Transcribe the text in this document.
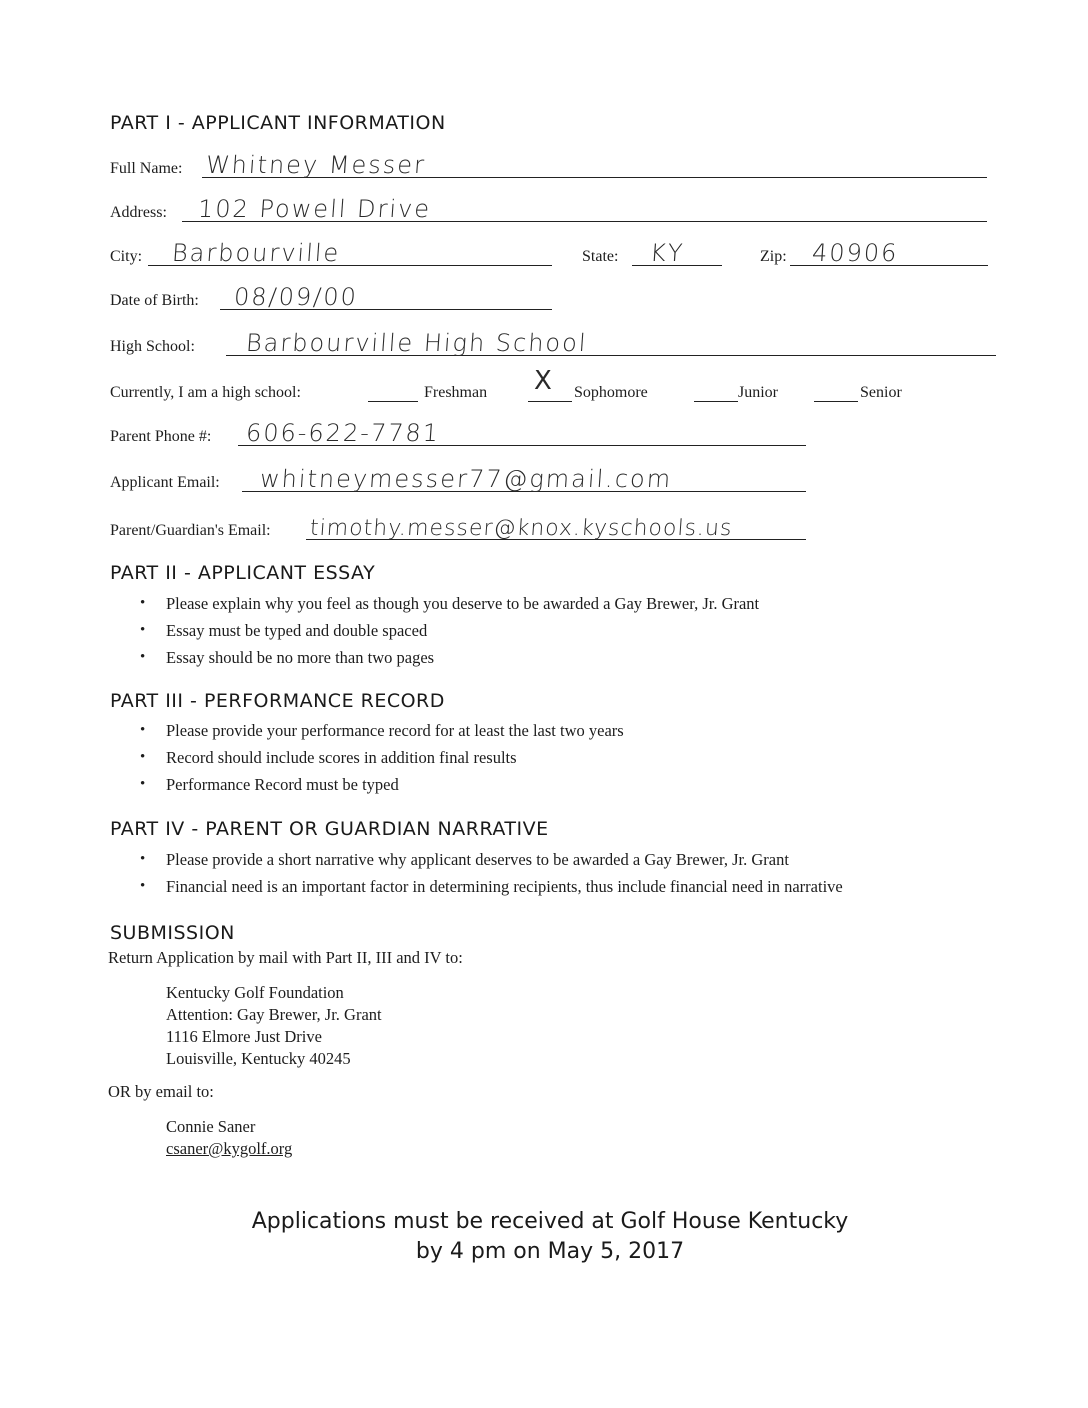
PART I - APPLICANT INFORMATION
Full Name: Whitney Messer
Address: 102 Powell Drive
City: Barbourville	State: KY	Zip: 40906
Date of Birth: 08/09/00
High School: Barbourville High School
Currently, I am a high school:	Freshman X Sophomore	Junior	Senior
Parent Phone #: 606-622-7781
Applicant Email: whitneymesser77@gmail.com
Parent/Guardian's Email: timothy.messer@knox.kyschools.us
PART II - APPLICANT ESSAY
• Please explain why you feel as though you deserve to be awarded a Gay Brewer, Jr. Grant
• Essay must be typed and double spaced
• Essay should be no more than two pages
PART III - PERFORMANCE RECORD
• Please provide your performance record for at least the last two years
• Record should include scores in addition final results
• Performance Record must be typed
PART IV - PARENT OR GUARDIAN NARRATIVE
• Please provide a short narrative why applicant deserves to be awarded a Gay Brewer, Jr. Grant
• Financial need is an important factor in determining recipients, thus include financial need in narrative
SUBMISSION
Return Application by mail with Part II, III and IV to:
Kentucky Golf Foundation
Attention: Gay Brewer, Jr. Grant
1116 Elmore Just Drive
Louisville, Kentucky 40245
OR by email to:
Connie Saner
csaner@kygolf.org
Applications must be received at Golf House Kentucky
by 4 pm on May 5, 2017
